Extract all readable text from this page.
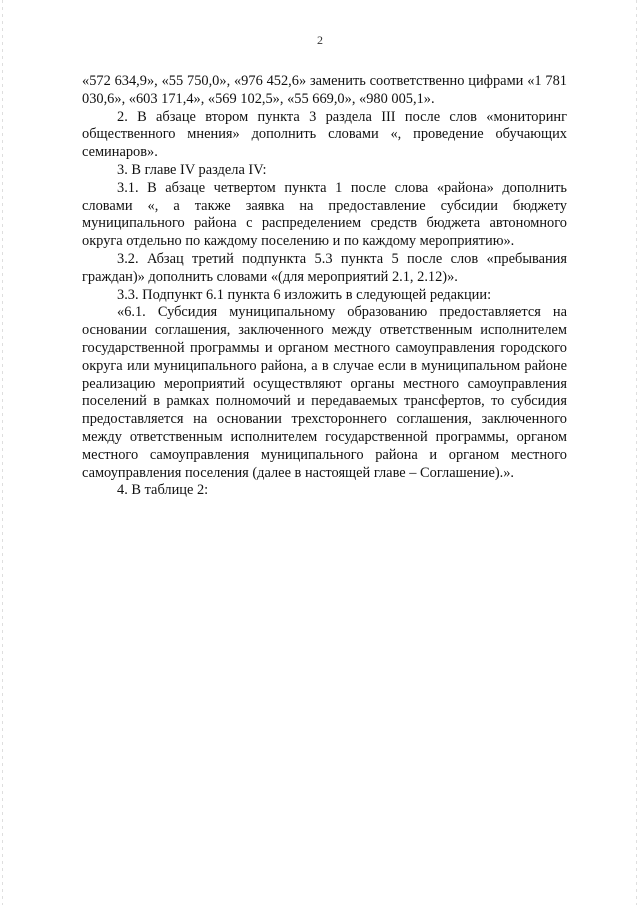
2

«572 634,9», «55 750,0», «976 452,6» заменить соответственно цифрами «1 781 030,6», «603 171,4», «569 102,5», «55 669,0», «980 005,1».

2. В абзаце втором пункта 3 раздела III после слов «мониторинг общественного мнения» дополнить словами «, проведение обучающих семинаров».

3. В главе IV раздела IV:

3.1. В абзаце четвертом пункта 1 после слова «района» дополнить словами «, а также заявка на предоставление субсидии бюджету муниципального района с распределением средств бюджета автономного округа отдельно по каждому поселению и по каждому мероприятию».

3.2. Абзац третий подпункта 5.3 пункта 5 после слов «пребывания граждан)» дополнить словами «(для мероприятий 2.1, 2.12)».

3.3. Подпункт 6.1 пункта 6 изложить в следующей редакции:

«6.1. Субсидия муниципальному образованию предоставляется на основании соглашения, заключенного между ответственным исполнителем государственной программы и органом местного самоуправления городского округа или муниципального района, а в случае если в муниципальном районе реализацию мероприятий осуществляют органы местного самоуправления поселений в рамках полномочий и передаваемых трансфертов, то субсидия предоставляется на основании трехстороннего соглашения, заключенного между ответственным исполнителем государственной программы, органом местного самоуправления муниципального района и органом местного самоуправления поселения (далее в настоящей главе – Соглашение).».

4. В таблице 2:
